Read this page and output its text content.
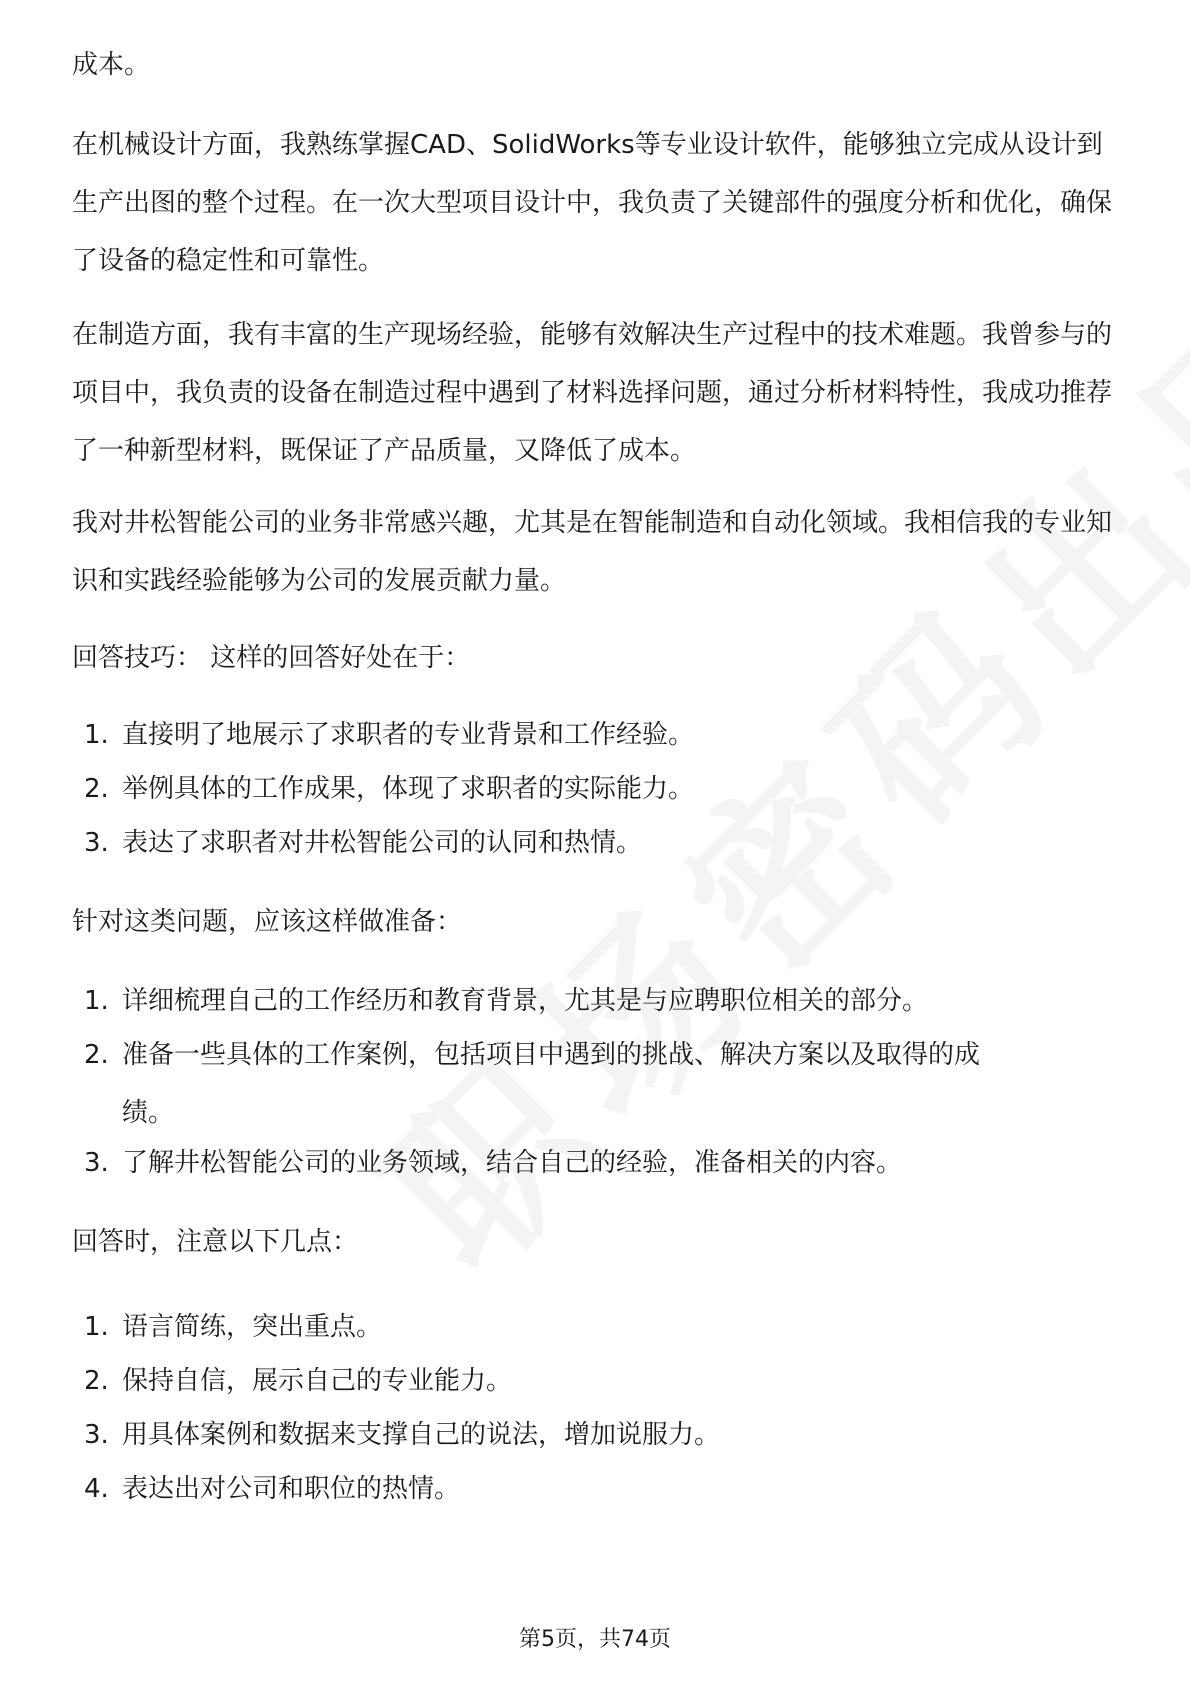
成本。

在机械设计方面，我熟练掌握CAD、SolidWorks等专业设计软件，能够独立完成从设计到生产出图的整个过程。在一次大型项目设计中，我负责了关键部件的强度分析和优化，确保了设备的稳定性和可靠性。

在制造方面，我有丰富的生产现场经验，能够有效解决生产过程中的技术难题。我曾参与的项目中，我负责的设备在制造过程中遇到了材料选择问题，通过分析材料特性，我成功推荐了一种新型材料，既保证了产品质量，又降低了成本。

我对井松智能公司的业务非常感兴趣，尤其是在智能制造和自动化领域。我相信我的专业知识和实践经验能够为公司的发展贡献力量。

回答技巧： 这样的回答好处在于：

1. 直接明了地展示了求职者的专业背景和工作经验。
2. 举例具体的工作成果，体现了求职者的实际能力。
3. 表达了求职者对井松智能公司的认同和热情。

针对这类问题，应该这样做准备：

1. 详细梳理自己的工作经历和教育背景，尤其是与应聘职位相关的部分。
2. 准备一些具体的工作案例，包括项目中遇到的挑战、解决方案以及取得的成
绩。
3. 了解井松智能公司的业务领域，结合自己的经验，准备相关的内容。

回答时，注意以下几点：

1. 语言简练，突出重点。
2. 保持自信，展示自己的专业能力。
3. 用具体案例和数据来支撑自己的说法，增加说服力。
4. 表达出对公司和职位的热情。
第5页，共74页
